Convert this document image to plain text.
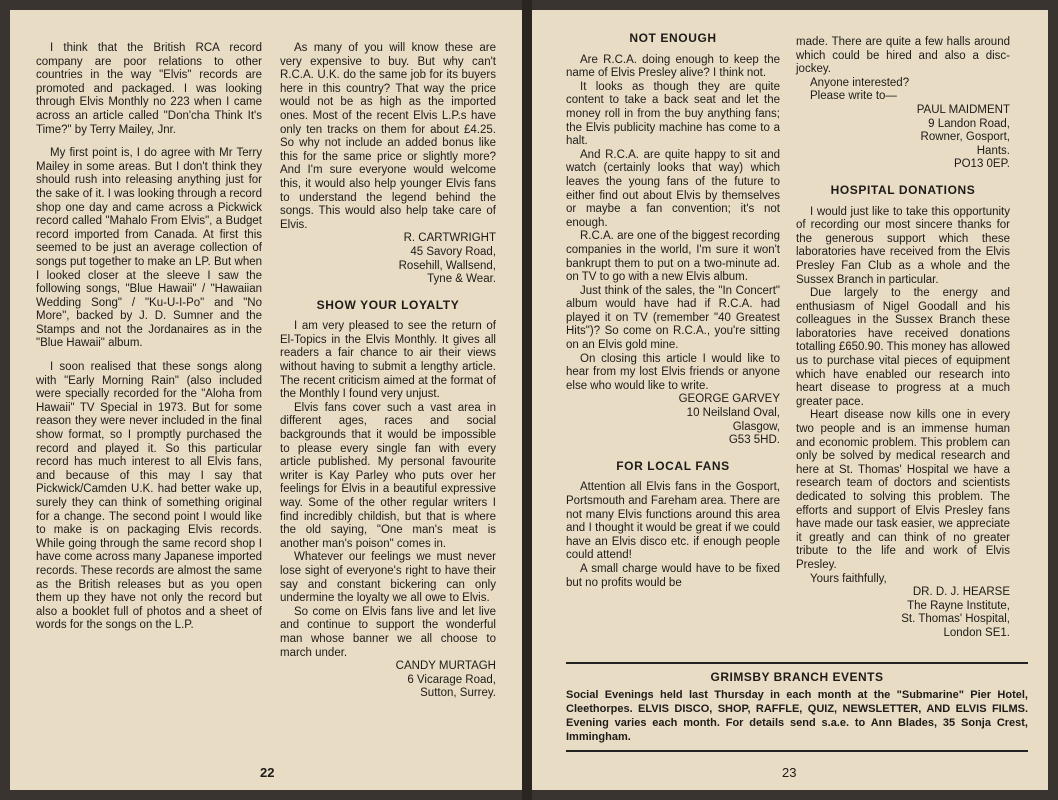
I think that the British RCA record company are poor relations to other countries in the way "Elvis" records are promoted and packaged. I was looking through Elvis Monthly no 223 when I came across an article called "Don'cha Think It's Time?" by Terry Mailey, Jnr.

My first point is, I do agree with Mr Terry Mailey in some areas. But I don't think they should rush into releasing anything just for the sake of it. I was looking through a record shop one day and came across a Pickwick record called "Mahalo From Elvis", a Budget record imported from Canada. At first this seemed to be just an average collection of songs put together to make an LP. But when I looked closer at the sleeve I saw the following songs, "Blue Hawaii" / "Hawaiian Wedding Song" / "Ku-U-I-Po" and "No More", backed by J. D. Sumner and the Stamps and not the Jordanaires as in the "Blue Hawaii" album.

I soon realised that these songs along with "Early Morning Rain" (also included were specially recorded for the "Aloha from Hawaii" TV Special in 1973. But for some reason they were never included in the final show format, so I promptly purchased the record and played it. So this particular record has much interest to all Elvis fans, and because of this may I say that Pickwick/Camden U.K. had better wake up, surely they can think of something original for a change. The second point I would like to make is on packaging Elvis records. While going through the same record shop I have come across many Japanese imported records. These records are almost the same as the British releases but as you open them up they have not only the record but also a booklet full of photos and a sheet of words for the songs on the L.P.

As many of you will know these are very expensive to buy. But why can't R.C.A. U.K. do the same job for its buyers here in this country? That way the price would not be as high as the imported ones. Most of the recent Elvis L.P.s have only ten tracks on them for about £4.25. So why not include an added bonus like this for the same price or slightly more? And I'm sure everyone would welcome this, it would also help younger Elvis fans to understand the legend behind the songs. This would also help take care of Elvis.

R. CARTWRIGHT
45 Savory Road,
Rosehill, Wallsend,
Tyne & Wear.
SHOW YOUR LOYALTY

I am very pleased to see the return of El-Topics in the Elvis Monthly. It gives all readers a fair chance to air their views without having to submit a lengthy article. The recent criticism aimed at the format of the Monthly I found very unjust.

Elvis fans cover such a vast area in different ages, races and social backgrounds that it would be impossible to please every single fan with every article published. My personal favourite writer is Kay Parley who puts over her feelings for Elvis in a beautiful expressive way. Some of the other regular writers I find incredibly childish, but that is where the old saying, "One man's meat is another man's poison" comes in.

Whatever our feelings we must never lose sight of everyone's right to have their say and constant bickering can only undermine the loyalty we all owe to Elvis.

So come on Elvis fans live and let live and continue to support the wonderful man whose banner we all choose to march under.

CANDY MURTAGH
6 Vicarage Road,
Sutton, Surrey.
22
NOT ENOUGH

Are R.C.A. doing enough to keep the name of Elvis Presley alive? I think not.

It looks as though they are quite content to take a back seat and let the money roll in from the buy anything fans; the Elvis publicity machine has come to a halt.

And R.C.A. are quite happy to sit and watch (certainly looks that way) which leaves the young fans of the future to either find out about Elvis by themselves or maybe a fan convention; it's not enough.

R.C.A. are one of the biggest recording companies in the world, I'm sure it won't bankrupt them to put on a two-minute ad. on TV to go with a new Elvis album.

Just think of the sales, the "In Concert" album would have had if R.C.A. had played it on TV (remember "40 Greatest Hits")? So come on R.C.A., you're sitting on an Elvis gold mine.

On closing this article I would like to hear from my lost Elvis friends or anyone else who would like to write.

GEORGE GARVEY
10 Neilsland Oval,
Glasgow,
G53 5HD.
FOR LOCAL FANS

Attention all Elvis fans in the Gosport, Portsmouth and Fareham area. There are not many Elvis functions around this area and I thought it would be great if we could have an Elvis disco etc. if enough people could attend!

A small charge would have to be fixed but no profits would be

made. There are quite a few halls around which could be hired and also a disc-jockey.

Anyone interested?

Please write to—

PAUL MAIDMENT
9 Landon Road,
Rowner, Gosport,
Hants.
PO13 0EP.
HOSPITAL DONATIONS

I would just like to take this opportunity of recording our most sincere thanks for the generous support which these laboratories have received from the Elvis Presley Fan Club as a whole and the Sussex Branch in particular.

Due largely to the energy and enthusiasm of Nigel Goodall and his colleagues in the Sussex Branch these laboratories have received donations totalling £650.90. This money has allowed us to purchase vital pieces of equipment which have enabled our research into heart disease to progress at a much greater pace.

Heart disease now kills one in every two people and is an immense human and economic problem. This problem can only be solved by medical research and here at St. Thomas' Hospital we have a research team of doctors and scientists dedicated to solving this problem. The efforts and support of Elvis Presley fans have made our task easier, we appreciate it greatly and can think of no greater tribute to the life and work of Elvis Presley.

Yours faithfully,

DR. D. J. HEARSE
The Rayne Institute,
St. Thomas' Hospital,
London SE1.
GRIMSBY BRANCH EVENTS
Social Evenings held last Thursday in each month at the "Submarine" Pier Hotel, Cleethorpes. ELVIS DISCO, SHOP, RAFFLE, QUIZ, NEWSLETTER, AND ELVIS FILMS. Evening varies each month. For details send s.a.e. to Ann Blades, 35 Sonja Crest, Immingham.
23
